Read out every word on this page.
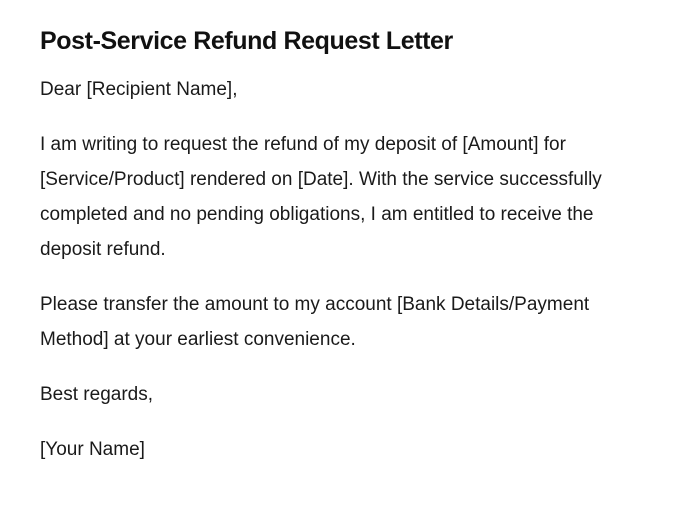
Post-Service Refund Request Letter

Dear [Recipient Name],

I am writing to request the refund of my deposit of [Amount] for [Service/Product] rendered on [Date]. With the service successfully completed and no pending obligations, I am entitled to receive the deposit refund.

Please transfer the amount to my account [Bank Details/Payment Method] at your earliest convenience.

Best regards,

[Your Name]
